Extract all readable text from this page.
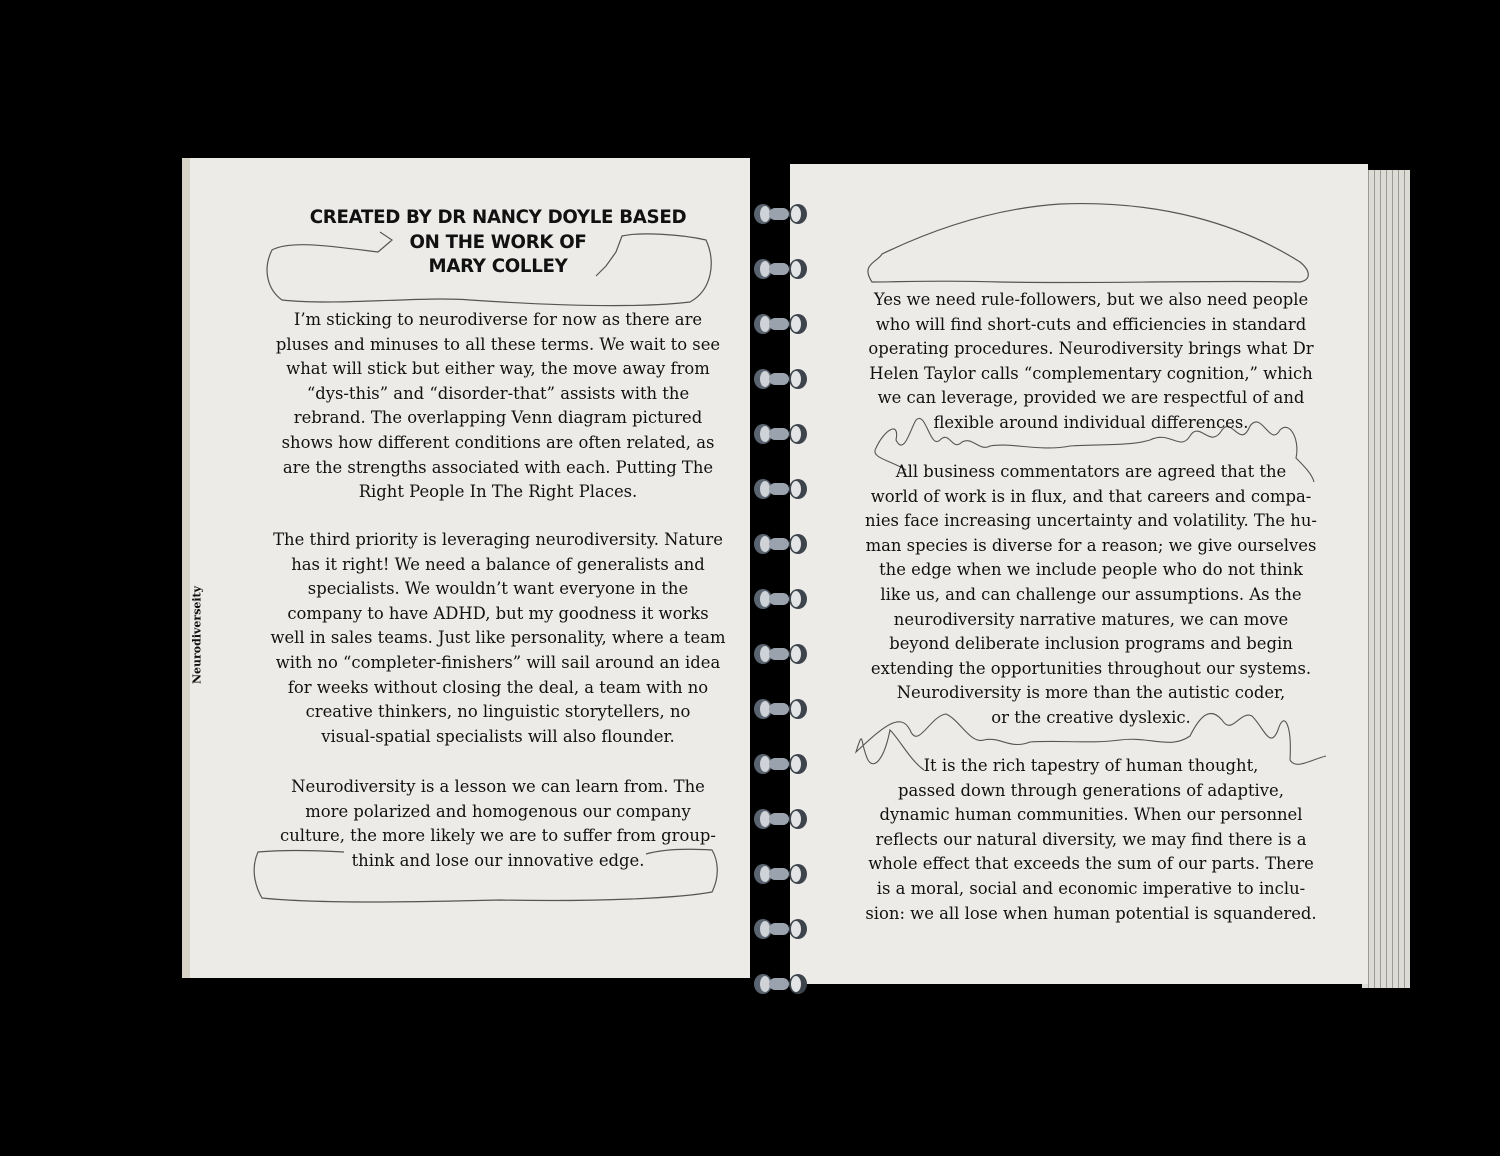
Neurodiverseity
CREATED BY DR NANCY DOYLE BASED
ON THE WORK OF
MARY COLLEY
I’m sticking to neurodiverse for now as there are
pluses and minuses to all these terms. We wait to see
what will stick but either way, the move away from
“dys-this” and “disorder-that” assists with the
rebrand. The overlapping Venn diagram pictured
shows how different conditions are often related, as
are the strengths associated with each. Putting The
Right People In The Right Places.
The third priority is leveraging neurodiversity. Nature
has it right! We need a balance of generalists and
specialists. We wouldn’t want everyone in the
company to have ADHD, but my goodness it works
well in sales teams. Just like personality, where a team
with no “completer-finishers” will sail around an idea
for weeks without closing the deal, a team with no
creative thinkers, no linguistic storytellers, no
visual-spatial specialists will also flounder.
Neurodiversity is a lesson we can learn from. The
more polarized and homogenous our company
culture, the more likely we are to suffer from group-
think and lose our innovative edge.
Yes we need rule-followers, but we also need people
who will find short-cuts and efficiencies in standard
operating procedures. Neurodiversity brings what Dr
Helen Taylor calls “complementary cognition,” which
we can leverage, provided we are respectful of and
flexible around individual differences.
All business commentators are agreed that the
world of work is in flux, and that careers and compa-
nies face increasing uncertainty and volatility. The hu-
man species is diverse for a reason; we give ourselves
the edge when we include people who do not think
like us, and can challenge our assumptions. As the
neurodiversity narrative matures, we can move
beyond deliberate inclusion programs and begin
extending the opportunities throughout our systems.
Neurodiversity is more than the autistic coder,
or the creative dyslexic.
It is the rich tapestry of human thought,
passed down through generations of adaptive,
dynamic human communities. When our personnel
reflects our natural diversity, we may find there is a
whole effect that exceeds the sum of our parts. There
is a moral, social and economic imperative to inclu-
sion: we all lose when human potential is squandered.
